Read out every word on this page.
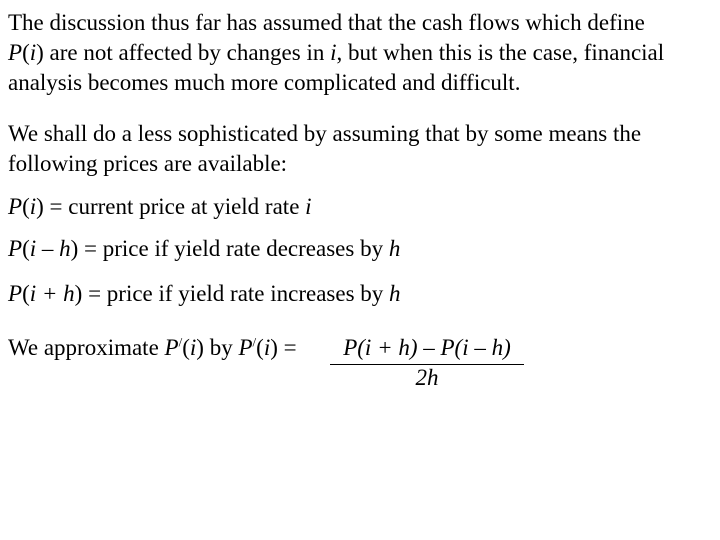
The discussion thus far has assumed that the cash flows which define
P(i) are not affected by changes in i, but when this is the case, financial
analysis becomes much more complicated and difficult.

We shall do a less sophisticated by assuming that by some means the
following prices are available:

P(i) = current price at yield rate i

P(i – h) = price if yield rate decreases by h

P(i + h) = price if yield rate increases by h

We approximate P/(i) by P/(i) =	P(i + h) – P(i – h)
2h
